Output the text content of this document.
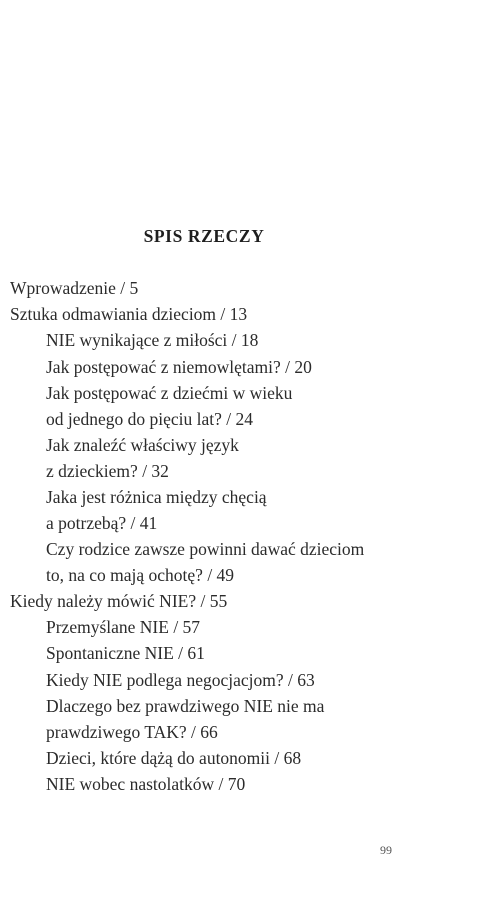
SPIS RZECZY
Wprowadzenie / 5
Sztuka odmawiania dzieciom / 13
NIE wynikające z miłości / 18
Jak postępować z niemowlętami? / 20
Jak postępować z dziećmi w wieku
od jednego do pięciu lat? / 24
Jak znaleźć właściwy język
z dzieckiem? / 32
Jaka jest różnica między chęcią
a potrzebą? / 41
Czy rodzice zawsze powinni dawać dzieciom
to, na co mają ochotę? / 49
Kiedy należy mówić NIE? / 55
Przemyślane NIE / 57
Spontaniczne NIE / 61
Kiedy NIE podlega negocjacjom? / 63
Dlaczego bez prawdziwego NIE nie ma
prawdziwego TAK? / 66
Dzieci, które dążą do autonomii / 68
NIE wobec nastolatków / 70
99
